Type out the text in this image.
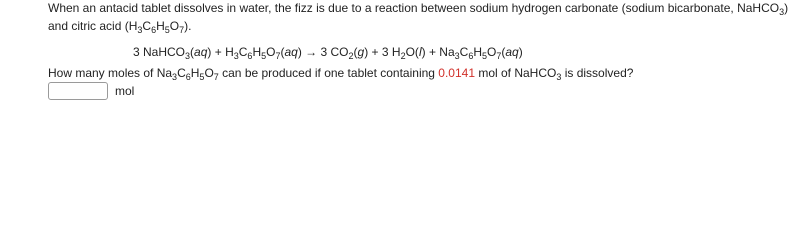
When an antacid tablet dissolves in water, the fizz is due to a reaction between sodium hydrogen carbonate (sodium bicarbonate, NaHCO$_3$)
and citric acid $(H_3C_6H_5O_7)$.
3 NaHCO$_3$(aq) + $H_3C_6H_5O_7(aq) \to 3$ $CO_2(g) + 3$ $H_2O(l) + Na_3C_6H_5O_7(aq)$
How many moles of $Na_3C_6H_5O_7$ can be produced if one tablet containing 0.0141 mol of NaHCO$_3$ is dissolved?
mol
